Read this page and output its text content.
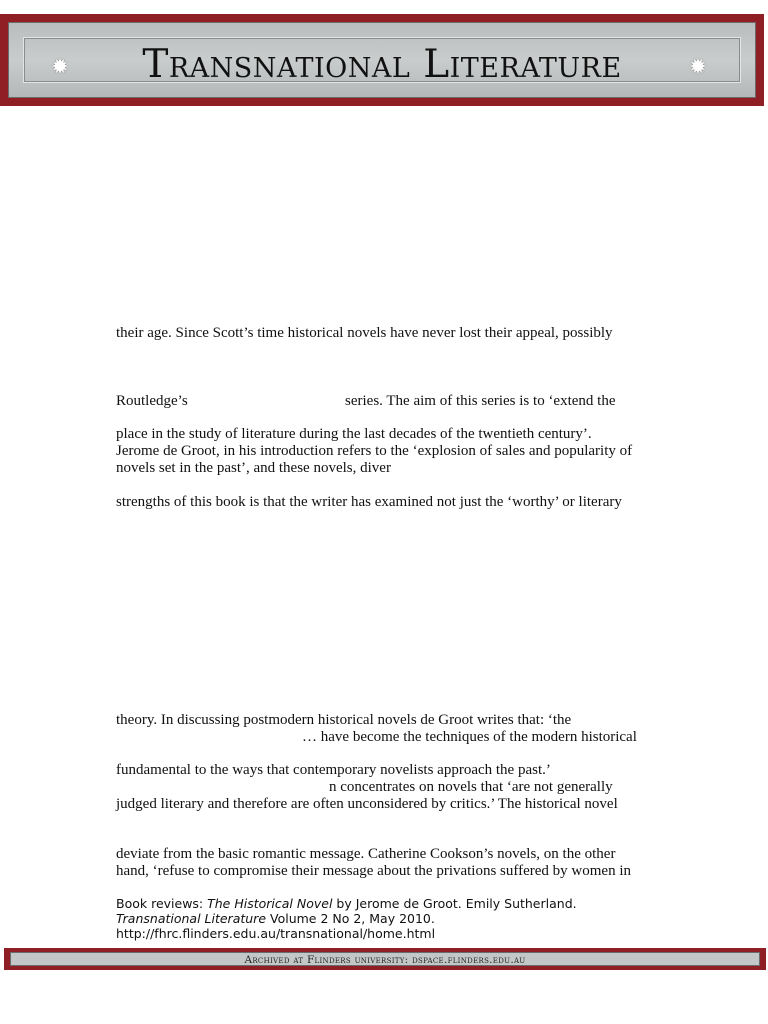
✹	Transnational Literature	✹
their age. Since Scott’s time historical novels have never lost their appeal, possibly
Routledge’s	series. The aim of this series is to ‘extend the
place in the study of literature during the last decades of the twentieth century’.
Jerome de Groot, in his introduction refers to the ‘explosion of sales and popularity of
novels set in the past’, and these novels, diver
strengths of this book is that the writer has examined not just the ‘worthy’ or literary
theory. In discussing postmodern historical novels de Groot writes that: ‘the
… have become the techniques of the modern historical
fundamental to the ways that contemporary novelists approach the past.’
n concentrates on novels that ‘are not generally
judged literary and therefore are often unconsidered by critics.’ The historical novel
deviate from the basic romantic message. Catherine Cookson’s novels, on the other
hand, ‘refuse to compromise their message about the privations suffered by women in
Book reviews: The Historical Novel by Jerome de Groot. Emily Sutherland.
Transnational Literature Volume 2 No 2, May 2010.
http://fhrc.flinders.edu.au/transnational/home.html
Archived at Flinders university: dspace.flinders.edu.au
